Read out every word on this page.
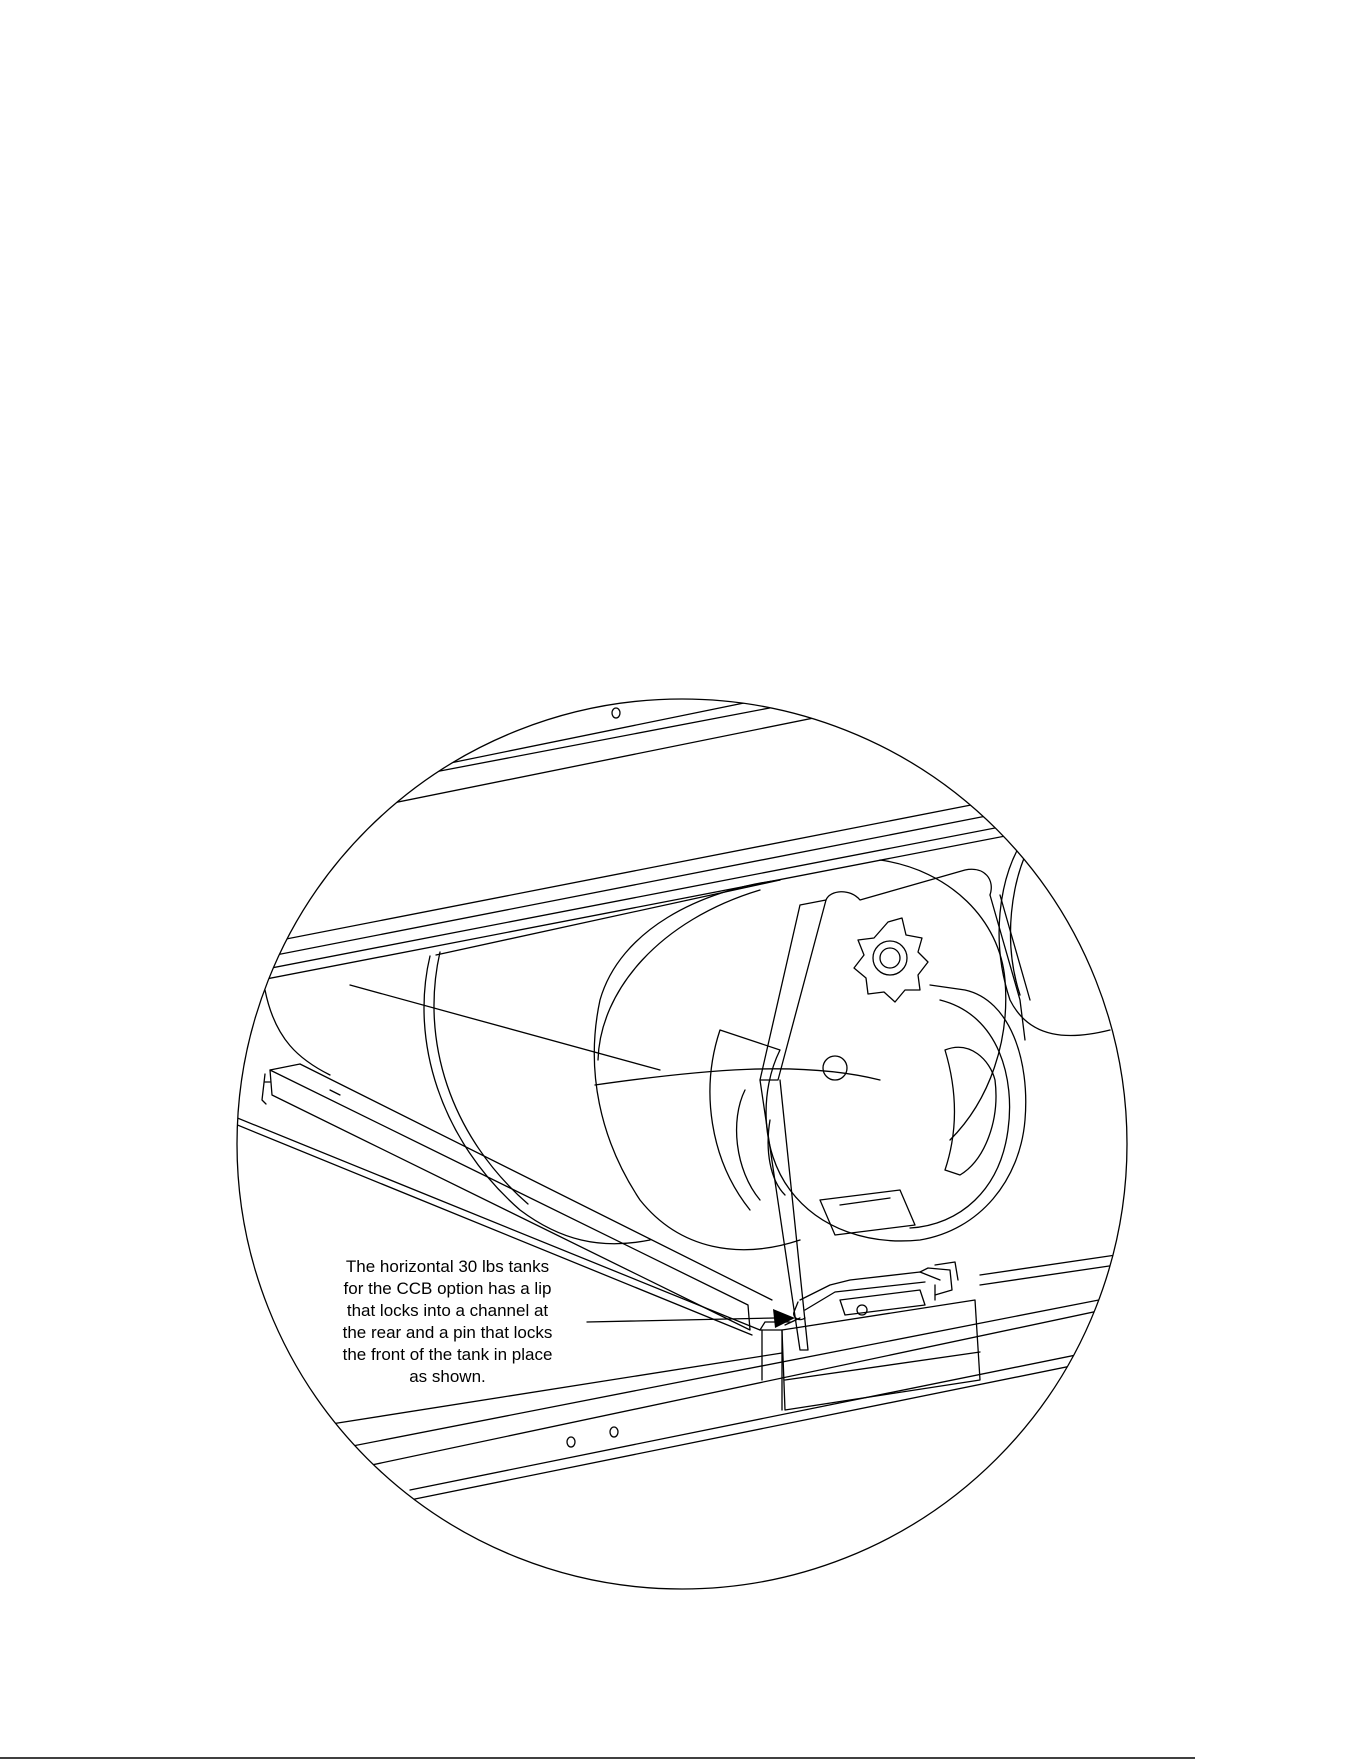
The horizontal 30 lbs tanks
for the CCB option has a lip
that locks into a channel at
the rear and a pin that locks
the front of the tank in place
as shown.
